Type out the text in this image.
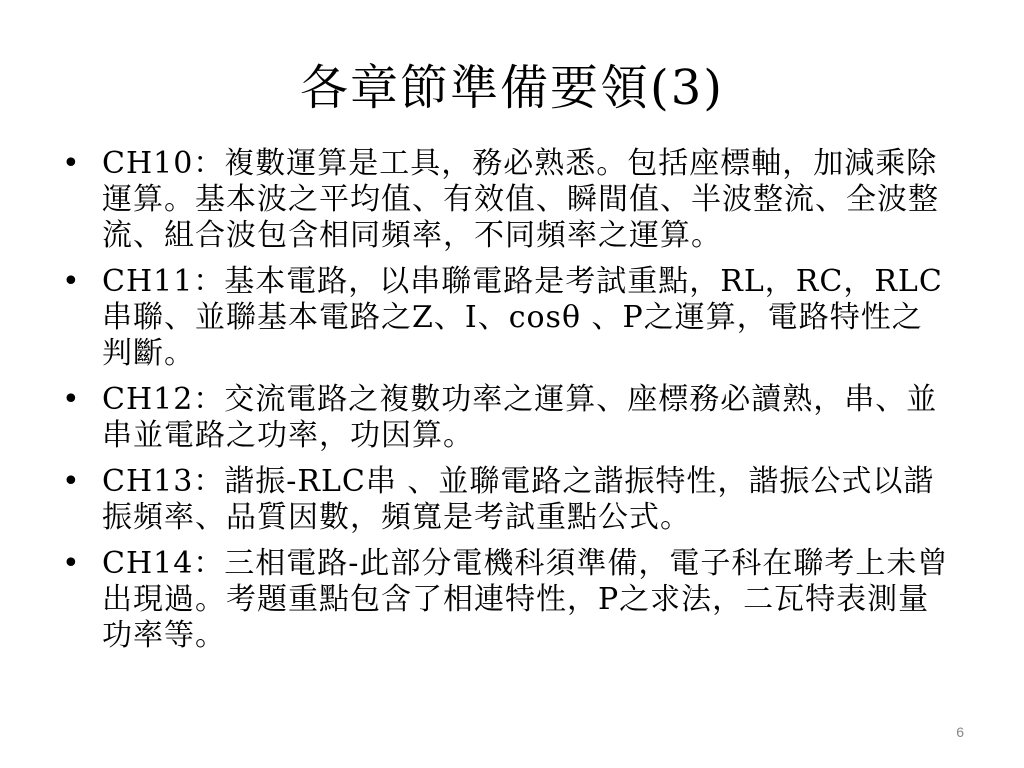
各章節準備要領(3)
• CH10：複數運算是工具，務必熟悉。包括座標軸，加減乘除運算。基本波之平均值、有效值、瞬間值、半波整流、全波整流、組合波包含相同頻率，不同頻率之運算。
• CH11：基本電路，以串聯電路是考試重點，RL，RC，RLC串聯、並聯基本電路之Z、I、cosθ 、P之運算，電路特性之判斷。
• CH12：交流電路之複數功率之運算、座標務必讀熟，串、並串並電路之功率，功因算。
• CH13：諧振-RLC串 、並聯電路之諧振特性，諧振公式以諧振頻率、品質因數，頻寬是考試重點公式。
• CH14：三相電路-此部分電機科須準備，電子科在聯考上未曾出現過。考題重點包含了相連特性，P之求法，二瓦特表測量功率等。
6
